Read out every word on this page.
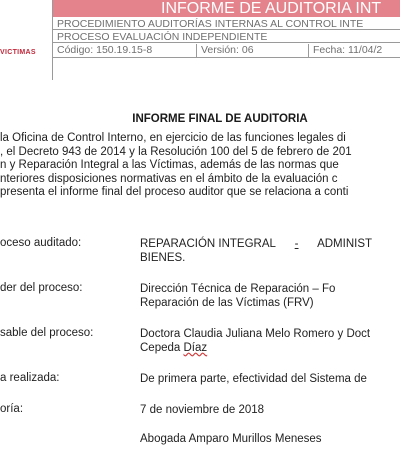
VICTIMAS
INFORME DE AUDITORIA INT
PROCEDIMIENTO AUDITORÍAS INTERNAS AL CONTROL INTE
PROCESO EVALUACIÓN INDEPENDIENTE
Código: 150.19.15-8	Versión: 06	Fecha: 11/04/2
INFORME FINAL DE AUDITORIA
la Oficina de Control Interno, en ejercicio de las funciones legales di
, el Decreto 943 de 2014 y la Resolución 100 del 5 de febrero de 201
n y Reparación Integral a las Víctimas, además de las normas que
nteriores disposiciones normativas en el ámbito de la evaluación c
presenta el informe final del proceso auditor que se relaciona a conti
oceso auditado:	REPARACIÓN INTEGRAL - ADMINIST
BIENES.
der del proceso:	Dirección Técnica de Reparación – Fo
Reparación de las Víctimas (FRV)
sable del proceso:	Doctora Claudia Juliana Melo Romero y Doct
Cepeda Díaz
a realizada:	De primera parte, efectividad del Sistema de
oría:	7 de noviembre de 2018
Abogada Amparo Murillos Meneses
